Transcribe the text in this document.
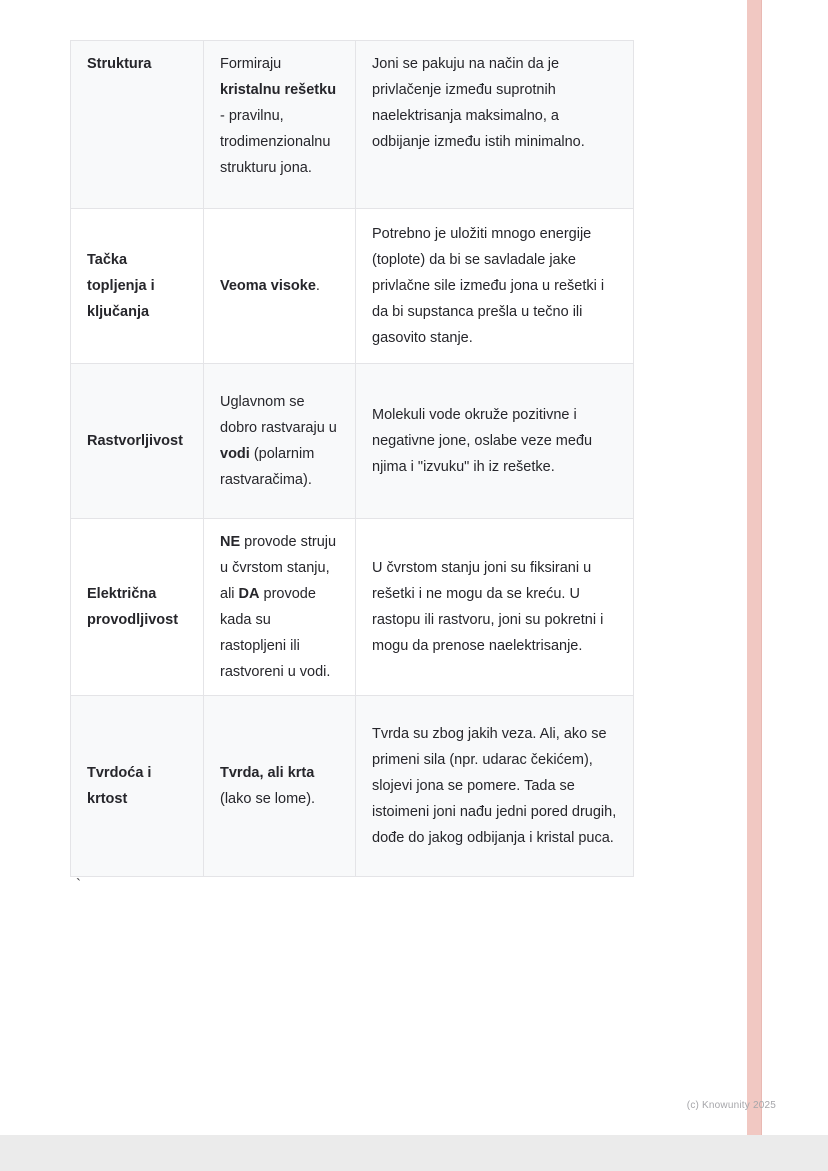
Struktura	Formiraju kristalnu rešetku - pravilnu, trodimenzionalnu strukturu jona.	Joni se pakuju na način da je privlačenje između suprotnih naelektrisanja maksimalno, a odbijanje između istih minimalno.
Tačka topljenja i ključanja	Veoma visoke.	Potrebno je uložiti mnogo energije (toplote) da bi se savladale jake privlačne sile između jona u rešetki i da bi supstanca prešla u tečno ili gasovito stanje.
Rastvorljivost	Uglavnom se dobro rastvaraju u vodi (polarnim rastvaračima).	Molekuli vode okruže pozitivne i negativne jone, oslabe veze među njima i "izvuku" ih iz rešetke.
Električna provodljivost	NE provode struju u čvrstom stanju, ali DA provode kada su rastopljeni ili rastvoreni u vodi.	U čvrstom stanju joni su fiksirani u rešetki i ne mogu da se kreću. U rastopu ili rastvoru, joni su pokretni i mogu da prenose naelektrisanje.
Tvrdoća i krtost	Tvrda, ali krta (lako se lome).	Tvrda su zbog jakih veza. Ali, ako se primeni sila (npr. udarac čekićem), slojevi jona se pomere. Tada se istoimeni joni nađu jedni pored drugih, dođe do jakog odbijanja i kristal puca.
`
(c) Knowunity 2025
